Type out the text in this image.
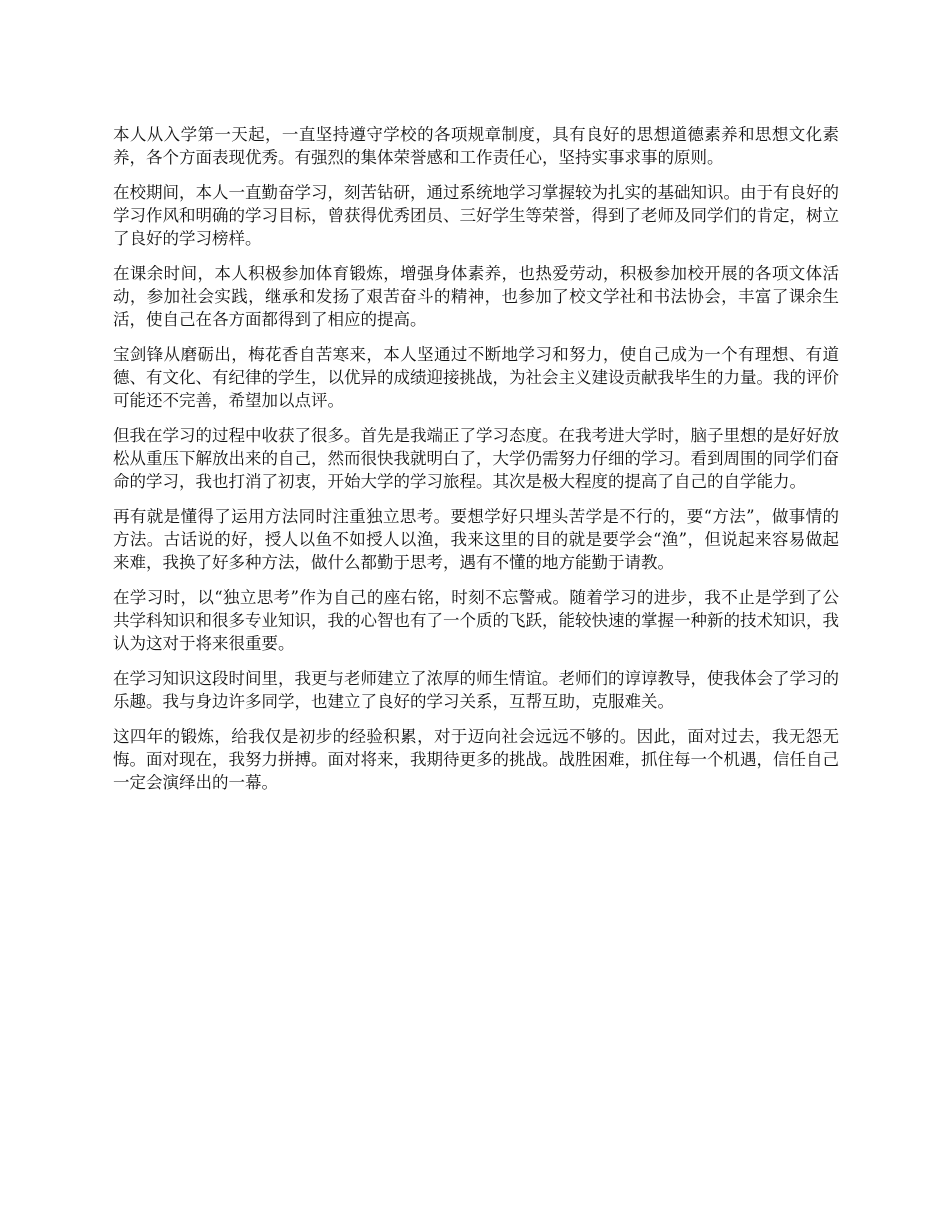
本人从入学第一天起，一直坚持遵守学校的各项规章制度，具有良好的思想道德素养和思想文化素养，各个方面表现优秀。有强烈的集体荣誉感和工作责任心，坚持实事求事的原则。

在校期间，本人一直勤奋学习，刻苦钻研，通过系统地学习掌握较为扎实的基础知识。由于有良好的学习作风和明确的学习目标，曾获得优秀团员、三好学生等荣誉，得到了老师及同学们的肯定，树立了良好的学习榜样。

在课余时间，本人积极参加体育锻炼，增强身体素养，也热爱劳动，积极参加校开展的各项文体活动，参加社会实践，继承和发扬了艰苦奋斗的精神，也参加了校文学社和书法协会，丰富了课余生活，使自己在各方面都得到了相应的提高。

宝剑锋从磨砺出，梅花香自苦寒来，本人坚通过不断地学习和努力，使自己成为一个有理想、有道德、有文化、有纪律的学生，以优异的成绩迎接挑战，为社会主义建设贡献我毕生的力量。我的评价可能还不完善，希望加以点评。

但我在学习的过程中收获了很多。首先是我端正了学习态度。在我考进大学时，脑子里想的是好好放松从重压下解放出来的自己，然而很快我就明白了，大学仍需努力仔细的学习。看到周围的同学们奋命的学习，我也打消了初衷，开始大学的学习旅程。其次是极大程度的提高了自己的自学能力。

再有就是懂得了运用方法同时注重独立思考。要想学好只埋头苦学是不行的，要“方法”，做事情的方法。古话说的好，授人以鱼不如授人以渔，我来这里的目的就是要学会“渔”，但说起来容易做起来难，我换了好多种方法，做什么都勤于思考，遇有不懂的地方能勤于请教。

在学习时，以“独立思考”作为自己的座右铭，时刻不忘警戒。随着学习的进步，我不止是学到了公共学科知识和很多专业知识，我的心智也有了一个质的飞跃，能较快速的掌握一种新的技术知识，我认为这对于将来很重要。

在学习知识这段时间里，我更与老师建立了浓厚的师生情谊。老师们的谆谆教导，使我体会了学习的乐趣。我与身边许多同学，也建立了良好的学习关系，互帮互助，克服难关。

这四年的锻炼，给我仅是初步的经验积累，对于迈向社会远远不够的。因此，面对过去，我无怨无悔。面对现在，我努力拼搏。面对将来，我期待更多的挑战。战胜困难，抓住每一个机遇，信任自己一定会演绎出的一幕。
